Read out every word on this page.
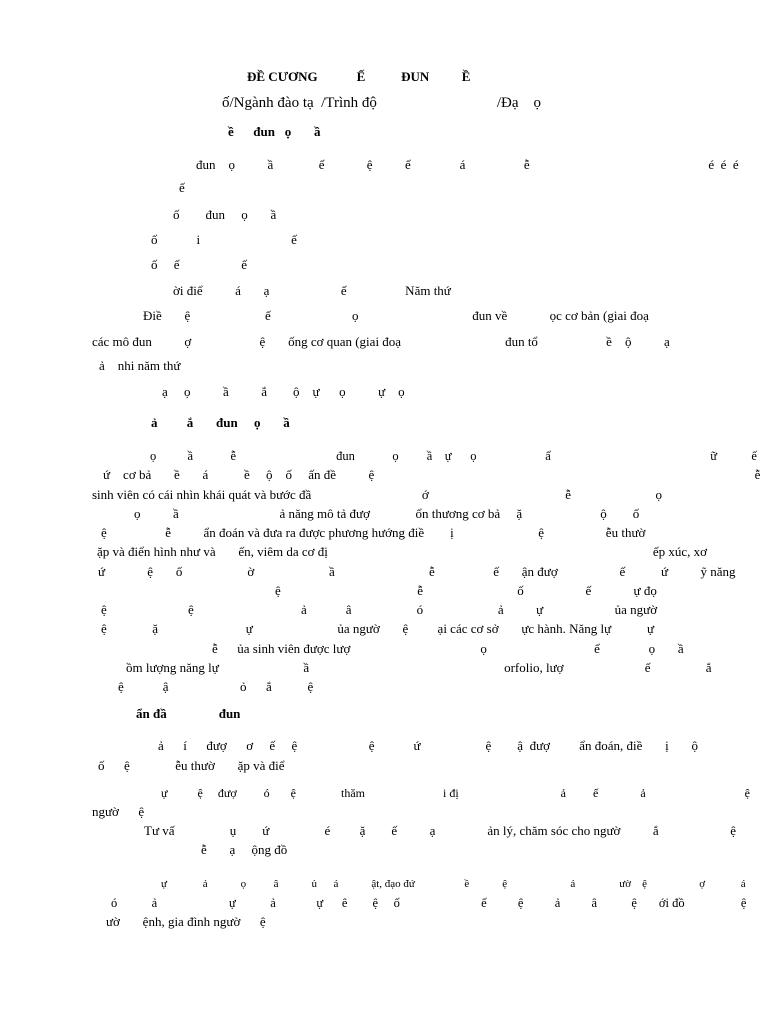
ĐỀ CƯƠNG            Ế           ĐUN          Ề
ố/Ngành đào tạ  /Trình độ                                /Đạ    ọ
ề      đun   ọ       ầ
đun    ọ          ầ              ế             ệ          ế               á                  ễ                                                       é  é  é
ế
ố        đun     ọ       ầ
ố            i                            ế
ố     ế                   ế
ời điể          á       ạ                      ế                  Năm thứ
Điề       ệ                       ế                         ọ                                   đun về             ọc cơ bản (giai đoạ
các mô đun          ợ                     ệ       ống cơ quan (giai đoạ                                đun tổ                     ề    ộ          ạ
ả    nhi năm thứ
ạ     ọ          ầ          ắ        ộ    ự      ọ          ự    ọ
ả         ắ       đun     ọ       ầ
ọ          ầ            ễ                                đun            ọ         ầ    ự      ọ                      ấ                                                   ữ           ế
ứ    cơ bả       ề       á           ề     ộ    ố     ấn đề          ệ                                                                                                                     ễ
sinh viên có cái nhìn khái quát và bước đầ                                  ớ                                          ễ                          ọ
ọ          ầ                               ả năng mô tả đượ              ổn thương cơ bả     ặ                        ộ        ố
ệ                  ễ          ẩn đoán và đưa ra được phương hướng điề        ị                          ệ                   ễu thườ
ặp và điển hình như và       ến, viêm da cơ đị                                                                                                    ếp xúc, xơ
ứ             ệ       ố                    ờ                       ầ                             ễ                  ế       ận đượ                   ế           ứ          ỹ năng
ệ                                          ễ                             ố                   ế             ự đọ
ệ                         ệ                                 ả            â                    ó                       ả          ự                      ủa ngườ
ệ              ặ                           ự                          ủa ngườ       ệ         ại các cơ sở       ực hành. Năng lự           ự
ễ      ủa sinh viên được lượ                                        ọ                                 ế               ọ       ầ
ồm lượng năng lự                          ầ                                                            orfolio, lượ                         ế                 ắ
ệ            ậ                      ỏ      ắ           ệ
ẩn đầ                đun
ả      í      đượ      ơ     ế     ệ                      ệ            ứ                    ệ        ậ  đượ         ẩn đoán, điề       ị       ộ
ố      ệ              ễu thườ       ặp và điể
ự          ệ     đượ         ó       ệ               thăm                          i đị                                  ả         ế              ả                                 ệ
ngườ      ệ
Tư vấ                 ụ        ứ                 é         ặ        ế          ạ                ản lý, chăm sóc cho ngườ          ắ                      ệ
ễ       ạ     ộng đồ
ự             ả            ọ          â            ủ      á            ật, đạo đứ                  ề            ệ                       ả                ườ    ệ                   ợ             á
ó           ả                       ự           ả             ự      ê        ệ     ố                          ế          ệ          ả          â           ệ       ới đồ                  ệ
ườ       ệnh, gia đình ngườ      ệ
